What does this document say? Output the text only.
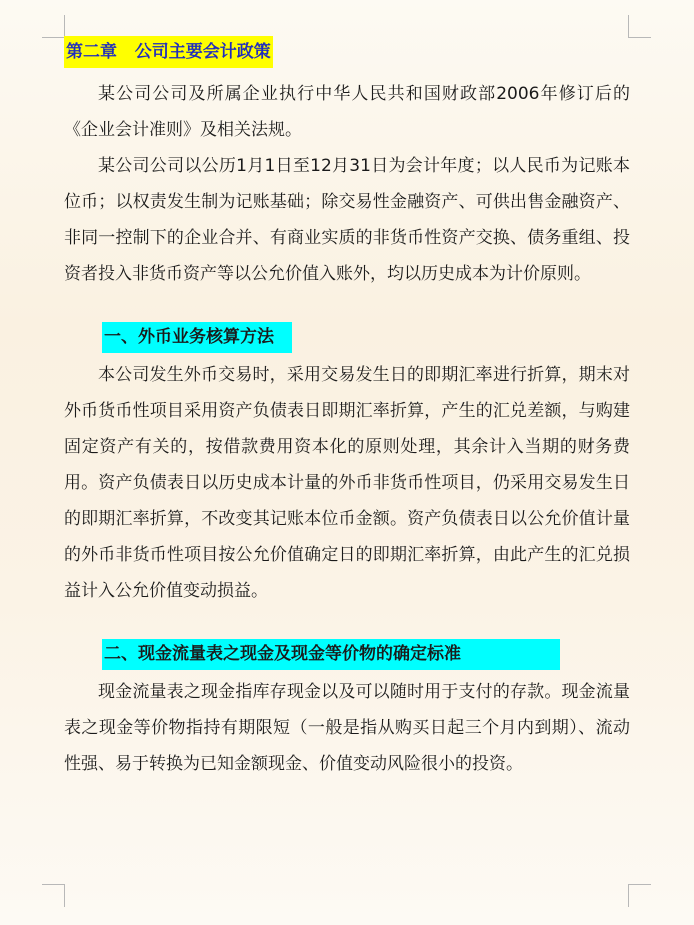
第二章   公司主要会计政策

某公司公司及所属企业执行中华人民共和国财政部2006年修订后的《企业会计准则》及相关法规。

某公司公司以公历1月1日至12月31日为会计年度；以人民币为记账本位币；以权责发生制为记账基础；除交易性金融资产、可供出售金融资产、非同一控制下的企业合并、有商业实质的非货币性资产交换、债务重组、投资者投入非货币资产等以公允价值入账外，均以历史成本为计价原则。

一、外币业务核算方法

本公司发生外币交易时，采用交易发生日的即期汇率进行折算，期末对外币货币性项目采用资产负债表日即期汇率折算，产生的汇兑差额，与购建固定资产有关的，按借款费用资本化的原则处理，其余计入当期的财务费用。资产负债表日以历史成本计量的外币非货币性项目，仍采用交易发生日的即期汇率折算，不改变其记账本位币金额。资产负债表日以公允价值计量的外币非货币性项目按公允价值确定日的即期汇率折算，由此产生的汇兑损益计入公允价值变动损益。

二、现金流量表之现金及现金等价物的确定标准

现金流量表之现金指库存现金以及可以随时用于支付的存款。现金流量表之现金等价物指持有期限短（一般是指从购买日起三个月内到期）、流动性强、易于转换为已知金额现金、价值变动风险很小的投资。
